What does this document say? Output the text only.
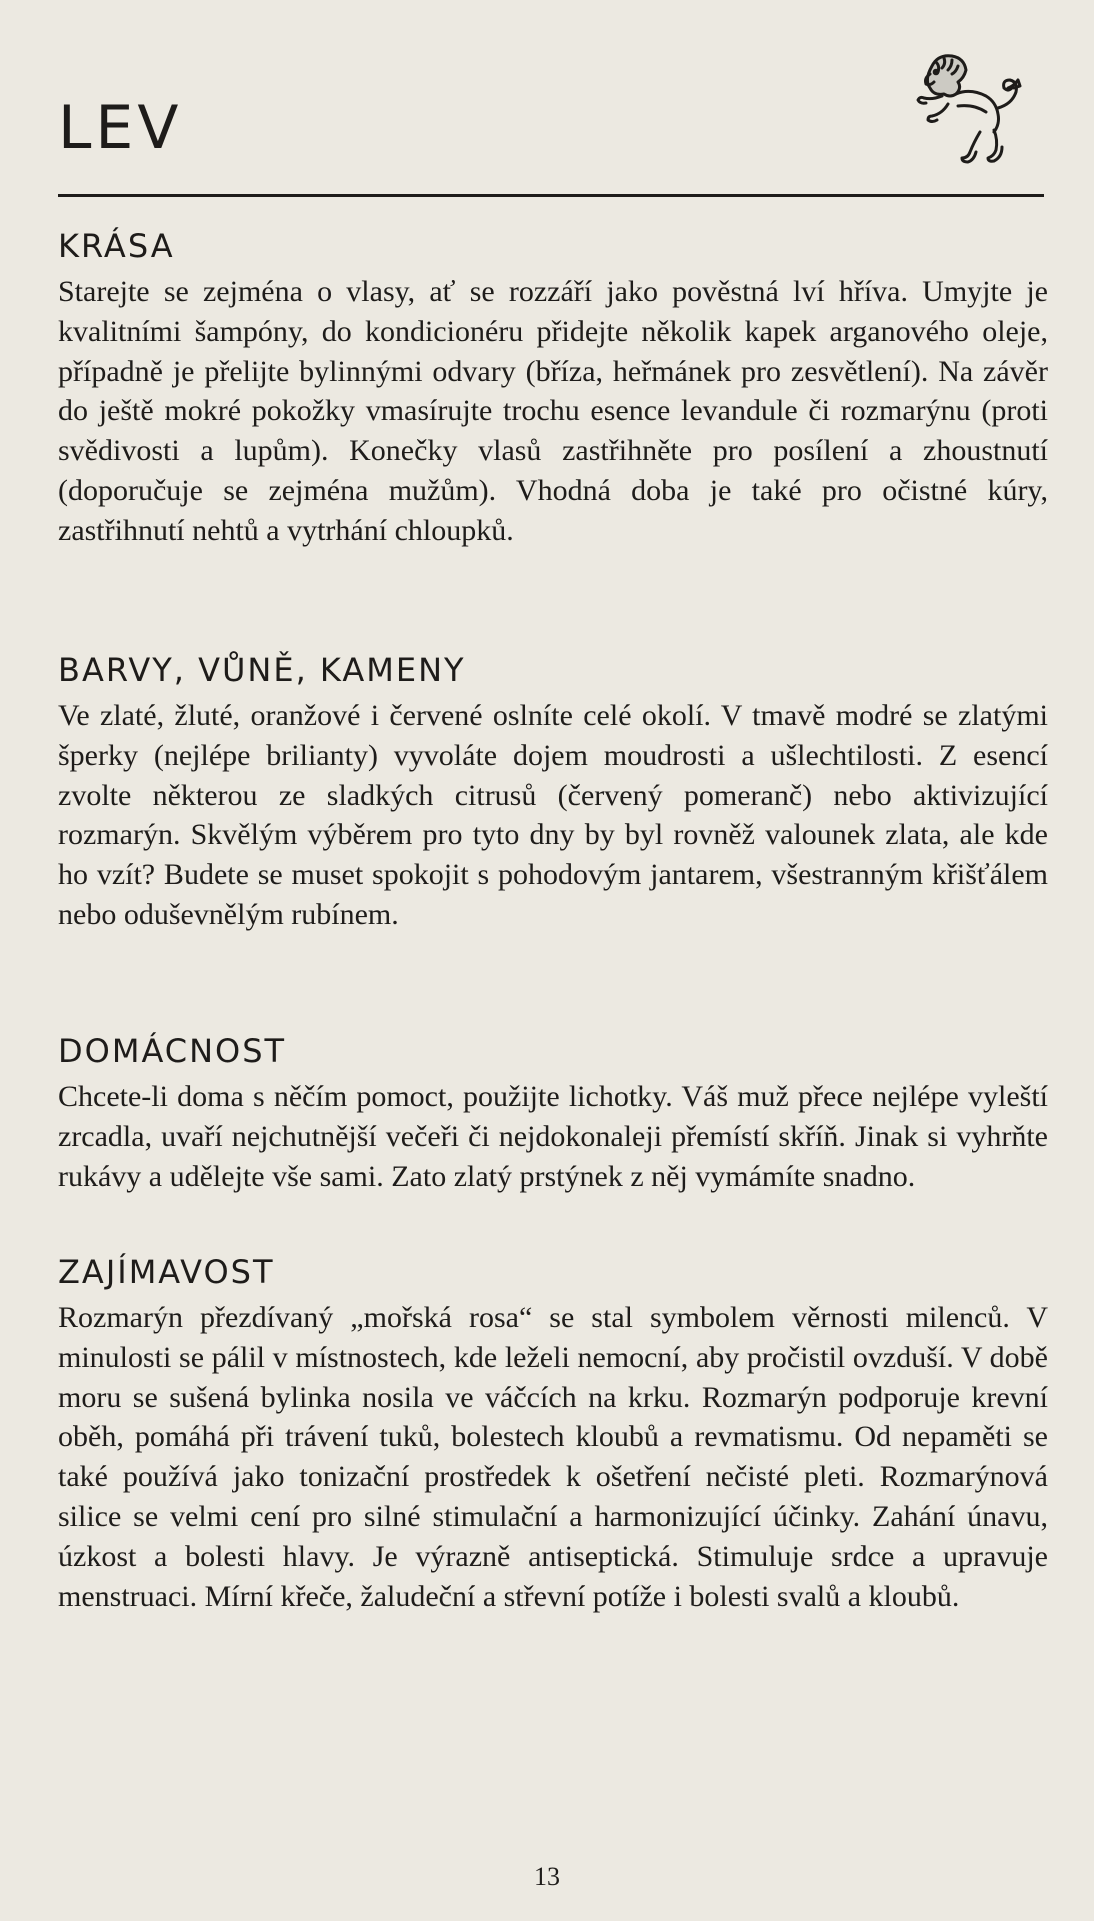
LEV
KRÁSA

Starejte se zejména o vlasy, ať se rozzáří jako pověstná lví hříva. Umyjte je kvalitními šampóny, do kondicionéru přidejte několik kapek arganového oleje, případně je přelijte bylinnými odvary (bříza, heřmánek pro zesvětlení). Na závěr do ještě mokré pokožky vmasírujte trochu esence levandule či rozmarýnu (proti svědivosti a lupům). Konečky vlasů zastřihněte pro posílení a zhoustnutí (doporučuje se zejména mužům). Vhodná doba je také pro očistné kúry, zastřihnutí nehtů a vytrhání chloupků.

BARVY, VŮNĚ, KAMENY

Ve zlaté, žluté, oranžové i červené oslníte celé okolí. V tmavě modré se zlatými šperky (nejlépe brilianty) vyvoláte dojem moudrosti a ušlechtilosti. Z esencí zvolte některou ze sladkých citrusů (červený pomeranč) nebo aktivizující rozmarýn. Skvělým výběrem pro tyto dny by byl rovněž valounek zlata, ale kde ho vzít? Budete se muset spokojit s pohodovým jantarem, všestranným křišťálem nebo oduševnělým rubínem.

DOMÁCNOST

Chcete-li doma s něčím pomoct, použijte lichotky. Váš muž přece nejlépe vyleští zrcadla, uvaří nejchutnější večeři či nejdokonaleji přemístí skříň. Jinak si vyhrňte rukávy a udělejte vše sami. Zato zlatý prstýnek z něj vymámíte snadno.

ZAJÍMAVOST

Rozmarýn přezdívaný „mořská rosa“ se stal symbolem věrnosti milenců. V minulosti se pálil v místnostech, kde leželi nemocní, aby pročistil ovzduší. V době moru se sušená bylinka nosila ve váčcích na krku. Rozmarýn podporuje krevní oběh, pomáhá při trávení tuků, bolestech kloubů a revmatismu. Od nepaměti se také používá jako tonizační prostředek k ošetření nečisté pleti. Rozmarýnová silice se velmi cení pro silné stimulační a harmonizující účinky. Zahání únavu, úzkost a bolesti hlavy. Je výrazně antiseptická. Stimuluje srdce a upravuje menstruaci. Mírní křeče, žaludeční a střevní potíže i bolesti svalů a kloubů.

13
